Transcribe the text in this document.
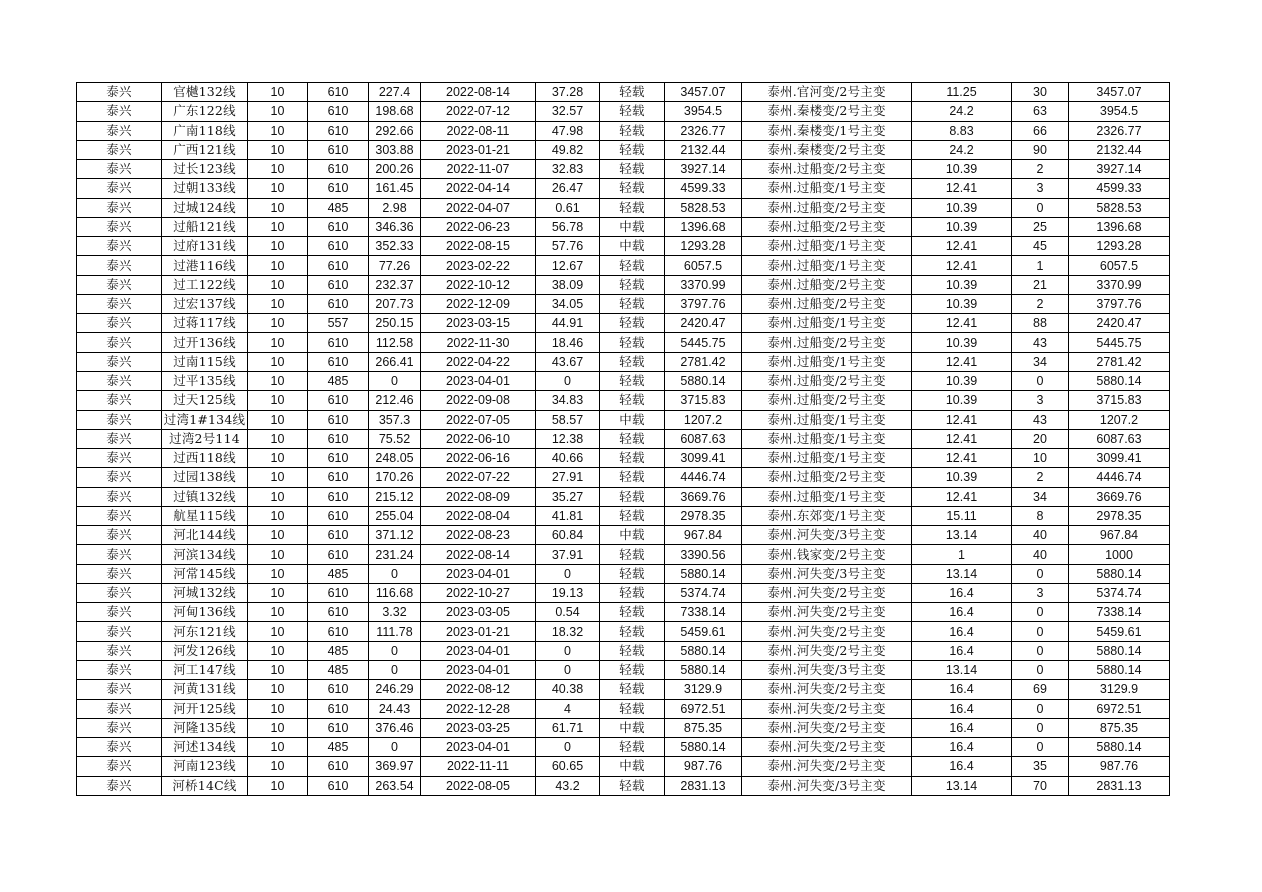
泰兴	官樾132线	10	610	227.4	2022-08-14	37.28	轻载	3457.07	泰州.官河变/2号主变	11.25	30	3457.07
泰兴	广东122线	10	610	198.68	2022-07-12	32.57	轻载	3954.5	泰州.秦楼变/2号主变	24.2	63	3954.5
泰兴	广南118线	10	610	292.66	2022-08-11	47.98	轻载	2326.77	泰州.秦楼变/1号主变	8.83	66	2326.77
泰兴	广西121线	10	610	303.88	2023-01-21	49.82	轻载	2132.44	泰州.秦楼变/2号主变	24.2	90	2132.44
泰兴	过长123线	10	610	200.26	2022-11-07	32.83	轻载	3927.14	泰州.过船变/2号主变	10.39	2	3927.14
泰兴	过朝133线	10	610	161.45	2022-04-14	26.47	轻载	4599.33	泰州.过船变/1号主变	12.41	3	4599.33
泰兴	过城124线	10	485	2.98	2022-04-07	0.61	轻载	5828.53	泰州.过船变/2号主变	10.39	0	5828.53
泰兴	过船121线	10	610	346.36	2022-06-23	56.78	中载	1396.68	泰州.过船变/2号主变	10.39	25	1396.68
泰兴	过府131线	10	610	352.33	2022-08-15	57.76	中载	1293.28	泰州.过船变/1号主变	12.41	45	1293.28
泰兴	过港116线	10	610	77.26	2023-02-22	12.67	轻载	6057.5	泰州.过船变/1号主变	12.41	1	6057.5
泰兴	过工122线	10	610	232.37	2022-10-12	38.09	轻载	3370.99	泰州.过船变/2号主变	10.39	21	3370.99
泰兴	过宏137线	10	610	207.73	2022-12-09	34.05	轻载	3797.76	泰州.过船变/2号主变	10.39	2	3797.76
泰兴	过蒋117线	10	557	250.15	2023-03-15	44.91	轻载	2420.47	泰州.过船变/1号主变	12.41	88	2420.47
泰兴	过开136线	10	610	112.58	2022-11-30	18.46	轻载	5445.75	泰州.过船变/2号主变	10.39	43	5445.75
泰兴	过南115线	10	610	266.41	2022-04-22	43.67	轻载	2781.42	泰州.过船变/1号主变	12.41	34	2781.42
泰兴	过平135线	10	485	0	2023-04-01	0	轻载	5880.14	泰州.过船变/2号主变	10.39	0	5880.14
泰兴	过天125线	10	610	212.46	2022-09-08	34.83	轻载	3715.83	泰州.过船变/2号主变	10.39	3	3715.83
泰兴	过湾1#134线	10	610	357.3	2022-07-05	58.57	中载	1207.2	泰州.过船变/1号主变	12.41	43	1207.2
泰兴	过湾2号114	10	610	75.52	2022-06-10	12.38	轻载	6087.63	泰州.过船变/1号主变	12.41	20	6087.63
泰兴	过西118线	10	610	248.05	2022-06-16	40.66	轻载	3099.41	泰州.过船变/1号主变	12.41	10	3099.41
泰兴	过园138线	10	610	170.26	2022-07-22	27.91	轻载	4446.74	泰州.过船变/2号主变	10.39	2	4446.74
泰兴	过镇132线	10	610	215.12	2022-08-09	35.27	轻载	3669.76	泰州.过船变/1号主变	12.41	34	3669.76
泰兴	航星115线	10	610	255.04	2022-08-04	41.81	轻载	2978.35	泰州.东郊变/1号主变	15.11	8	2978.35
泰兴	河北144线	10	610	371.12	2022-08-23	60.84	中载	967.84	泰州.河失变/3号主变	13.14	40	967.84
泰兴	河滨134线	10	610	231.24	2022-08-14	37.91	轻载	3390.56	泰州.钱家变/2号主变	1	40	1000
泰兴	河常145线	10	485	0	2023-04-01	0	轻载	5880.14	泰州.河失变/3号主变	13.14	0	5880.14
泰兴	河城132线	10	610	116.68	2022-10-27	19.13	轻载	5374.74	泰州.河失变/2号主变	16.4	3	5374.74
泰兴	河甸136线	10	610	3.32	2023-03-05	0.54	轻载	7338.14	泰州.河失变/2号主变	16.4	0	7338.14
泰兴	河东121线	10	610	111.78	2023-01-21	18.32	轻载	5459.61	泰州.河失变/2号主变	16.4	0	5459.61
泰兴	河发126线	10	485	0	2023-04-01	0	轻载	5880.14	泰州.河失变/2号主变	16.4	0	5880.14
泰兴	河工147线	10	485	0	2023-04-01	0	轻载	5880.14	泰州.河失变/3号主变	13.14	0	5880.14
泰兴	河黄131线	10	610	246.29	2022-08-12	40.38	轻载	3129.9	泰州.河失变/2号主变	16.4	69	3129.9
泰兴	河开125线	10	610	24.43	2022-12-28	4	轻载	6972.51	泰州.河失变/2号主变	16.4	0	6972.51
泰兴	河隆135线	10	610	376.46	2023-03-25	61.71	中载	875.35	泰州.河失变/2号主变	16.4	0	875.35
泰兴	河述134线	10	485	0	2023-04-01	0	轻载	5880.14	泰州.河失变/2号主变	16.4	0	5880.14
泰兴	河南123线	10	610	369.97	2022-11-11	60.65	中载	987.76	泰州.河失变/2号主变	16.4	35	987.76
泰兴	河桥14C线	10	610	263.54	2022-08-05	43.2	轻载	2831.13	泰州.河失变/3号主变	13.14	70	2831.13
